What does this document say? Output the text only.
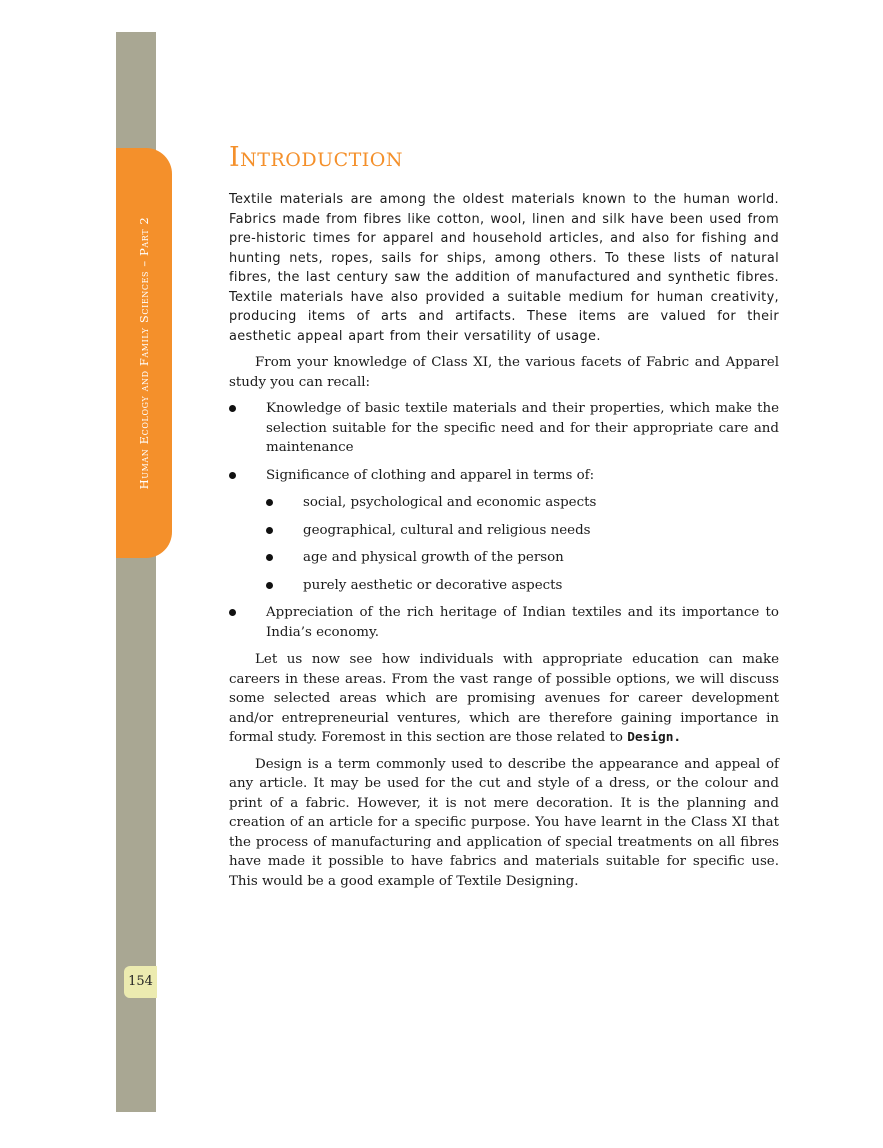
Human Ecology and Family Sciences – Part 2
154
Introduction

Textile materials are among the oldest materials known to the human world. Fabrics made from fibres like cotton, wool, linen and silk have been used from pre-historic times for apparel and household articles, and also for fishing and hunting nets, ropes, sails for ships, among others. To these lists of natural fibres, the last century saw the addition of manufactured and synthetic fibres. Textile materials have also provided a suitable medium for human creativity, producing items of arts and artifacts. These items are valued for their aesthetic appeal apart from their versatility of usage.

From your knowledge of Class XI, the various facets of Fabric and Apparel study you can recall:

Knowledge of basic textile materials and their properties, which make the selection suitable for the specific need and for their appropriate care and maintenance
Significance of clothing and apparel in terms of:
social, psychological and economic aspects
geographical, cultural and religious needs
age and physical growth of the person
purely aesthetic or decorative aspects
Appreciation of the rich heritage of Indian textiles and its importance to India’s economy.

Let us now see how individuals with appropriate education can make careers in these areas. From the vast range of possible options, we will discuss some selected areas which are promising avenues for career development and/or entrepreneurial ventures, which are therefore gaining importance in formal study. Foremost in this section are those related to Design.

Design is a term commonly used to describe the appearance and appeal of any article. It may be used for the cut and style of a dress, or the colour and print of a fabric. However, it is not mere decoration. It is the planning and creation of an article for a specific purpose. You have learnt in the Class XI that the process of manufacturing and application of special treatments on all fibres have made it possible to have fabrics and materials suitable for specific use. This would be a good example of Textile Designing.
